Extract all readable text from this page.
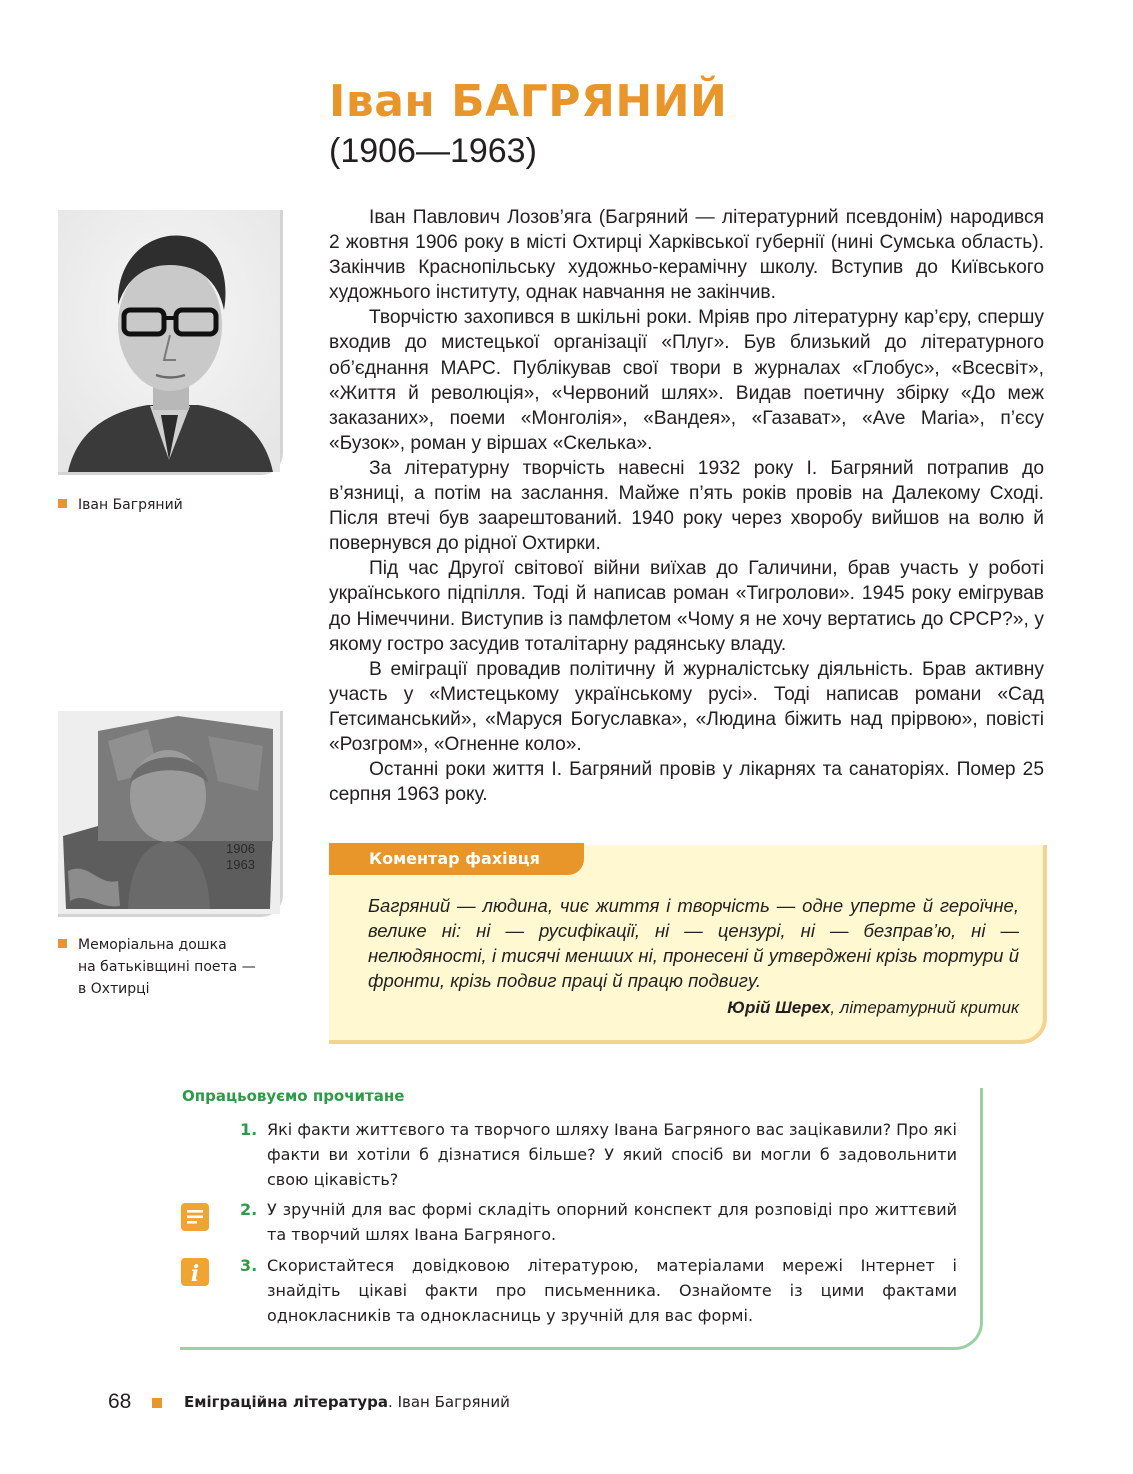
Іван БАГРЯНИЙ
(1906—1963)
Іван Багряний
1906
1963
Меморіальна дошка
на батьківщині поета —
в Охтирці

Іван Павлович Лозов’яга (Багряний — літературний псевдонім) народився 2 жовтня 1906 року в місті Охтирці Харківської губернії (нині Сумська область). Закінчив Краснопільську художньо-керамічну школу. Вступив до Київського художнього інституту, однак навчання не закінчив.

Творчістю захопився в шкільні роки. Мріяв про літературну кар’єру, спершу входив до мистецької організації «Плуг». Був близький до літературного об’єднання МАРС. Публікував свої твори в журналах «Глобус», «Всесвіт», «Життя й революція», «Червоний шлях». Видав поетичну збірку «До меж заказаних», поеми «Монголія», «Вандея», «Газават», «Ave Maria», п’єсу «Бузок», роман у віршах «Скелька».

За літературну творчість навесні 1932 року І. Багряний потрапив до в’язниці, а потім на заслання. Майже п’ять років провів на Далекому Сході. Після втечі був заарештований. 1940 року через хворобу вийшов на волю й повернувся до рідної Охтирки.

Під час Другої світової війни виїхав до Галичини, брав участь у роботі українського підпілля. Тоді й написав роман «Тигролови». 1945 року емігрував до Німеччини. Виступив із памфлетом «Чому я не хочу вертатись до СРСР?», у якому гостро засудив тоталітарну радянську владу.

В еміграції провадив політичну й журналістську діяльність. Брав активну участь у «Мистецькому українському русі». Тоді написав романи «Сад Гетсиманський», «Маруся Богуславка», «Людина біжить над прірвою», повісті «Розгром», «Огненне коло».

Останні роки життя І. Багряний провів у лікарнях та санаторіях. Помер 25 серпня 1963 року.

Коментар фахівця
Багряний — людина, чиє життя і творчість — одне уперте й героїчне, велике ні: ні — русифікації, ні — цензурі, ні — безправ’ю, ні — нелюдяності, і тисячі менших ні, пронесені й утверджені крізь тортури й фронти, крізь подвиг праці й працю подвигу.
Юрій Шерех, літературний критик
Опрацьовуємо прочитане
1. Які факти життєвого та творчого шляху Івана Багряного вас зацікавили? Про які факти ви хотіли б дізнатися більше? У який спосіб ви могли б задовольнити свою цікавість?
2. У зручній для вас формі складіть опорний конспект для розповіді про життєвий та творчий шлях Івана Багряного.
3. Скористайтеся довідковою літературою, матеріалами мережі Інтернет і знайдіть цікаві факти про письменника. Ознайомте із цими фактами однокласників та однокласниць у зручній для вас формі.
i
68	Еміграційна література. Іван Багряний
